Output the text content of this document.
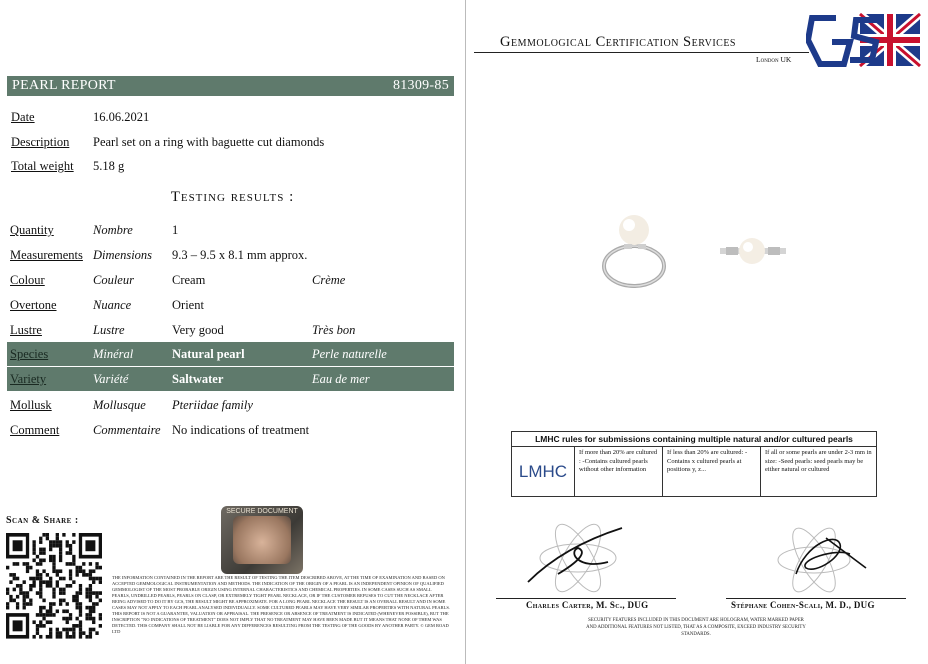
PEARL REPORT	81309-85
Date	16.06.2021
Description Pearl set on a ring with baguette cut diamonds
Total weight 5.18 g
Testing results :
Quantity	Nombre	1
Measurements Dimensions 9.3 – 9.5 x 8.1 mm approx.
Colour	Couleur	Cream	Crème
Overtone	Nuance	Orient
Lustre	Lustre	Very good	Très bon
Species	Minéral	Natural pearl	Perle naturelle
Variety	Variété	Saltwater	Eau de mer
Mollusk	Mollusque Pteriidae family
Comment	Commentaire No indications of treatment
Scan & Share :
SECURE DOCUMENT
THE INFORMATION CONTAINED IN THE REPORT ARE THE RESULT OF TESTING THE ITEM DESCRIBED ABOVE, AT THE TIME OF EXAMINATION AND BASED ON ACCEPTED GEMMOLOGICAL INSTRUMENTATION AND METHODS. THE INDICATION OF THE ORIGIN OF A PEARL IS AN INDEPENDENT OPINION OF QUALIFIED GEMMOLOGIST OF THE MOST PROBABLE ORIGIN USING INTERNAL CHARACTERISTICS AND CHEMICAL PROPERTIES. IN SOME CASES SUCH AS SMALL PEARLS, UNDRILLED PEARLS, PEARLS ON CLASP, OR EXTREMELY TIGHT PEARL NECKLACE, OR IF THE CUSTOMER REFUSES TO CUT THE NECKLACE AFTER BEING ADVISED TO DO IT BY GCS, THE RESULT MIGHT BE APPROXIMATE. FOR A LONG PEARL NECKLACE THE RESULT IS AN OVERALL RESULT AND IN SOME CASES MAY NOT APPLY TO EACH PEARL ANALYSED INDIVIDUALLY. SOME CULTURED PEARLS MAY HAVE VERY SIMILAR PROPERTIES WITH NATURAL PEARLS. THIS REPORT IS NOT A GUARANTEE, VALUATION OR APPRAISAL. THE PRESENCE OR ABSENCE OF TREATMENT IS INDICATED (WHENEVER POSSIBLE), BUT THE INSCRIPTION "NO INDICATIONS OF TREATMENT" DOES NOT IMPLY THAT NO TREATMENT MAY HAVE BEEN MADE BUT IT MEANS THAT NONE OF THEM WAS DETECTED. THIS COMPANY SHALL NOT BE LIABLE FOR ANY DIFFERENCES RESULTING FROM THE TESTING OF THE GOODS BY ANOTHER PARTY. © GEM ROAD LTD
Gemmological Certification Services
London UK
LMHC rules for submissions containing multiple natural and/or cultured pearls
LMHC
If more than 20% are cultured : -Contains cultured pearls without other information
If less than 20% are cultured: -Contains x cultured pearls at positions y, z...
If all or some pearls are under 2-3 mm in size: -Seed pearls: seed pearls may be either natural or cultured
Charles Carter, M. Sc., DUG	Stéphane Cohen-Scali, M. D., DUG
SECURITY FEATURES INCLUDED IN THIS DOCUMENT ARE HOLOGRAM, WATER MARKED PAPER AND ADDITIONAL FEATURES NOT LISTED, THAT AS A COMPOSITE, EXCEED INDUSTRY SECURITY STANDARDS.
